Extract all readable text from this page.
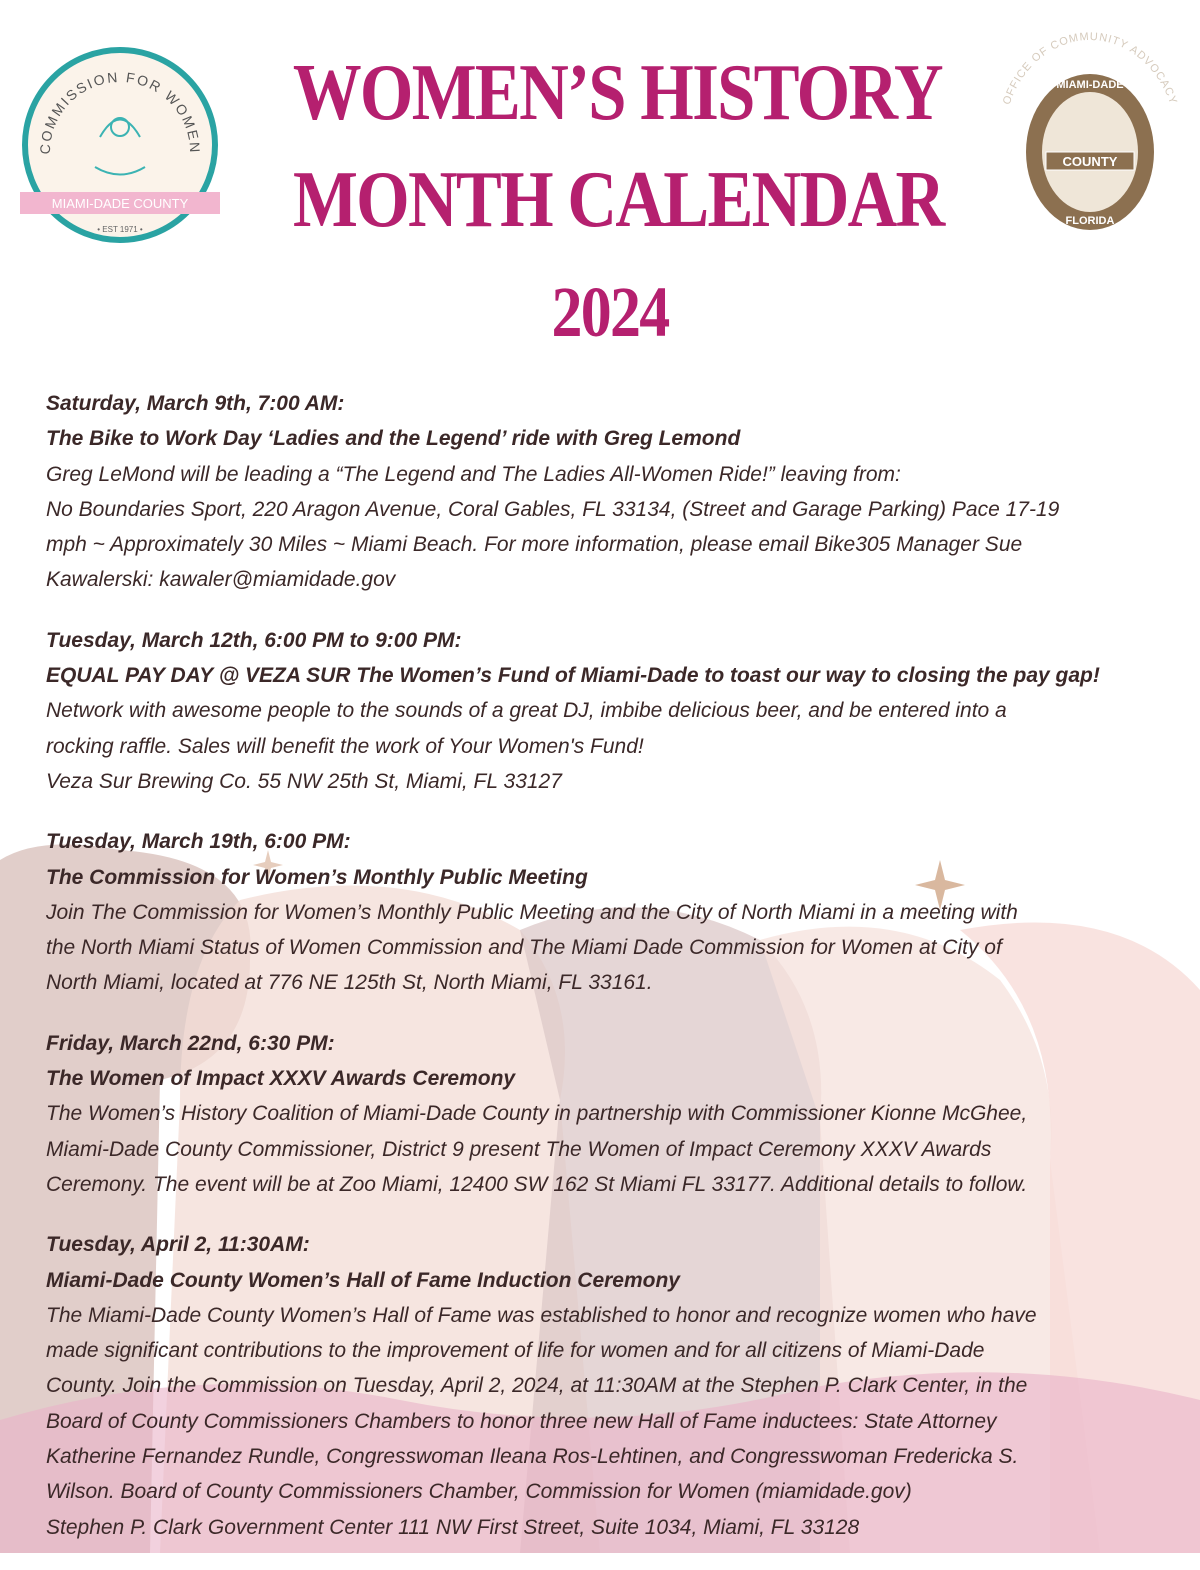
COMMISSION FOR WOMEN
MIAMI-DADE COUNTY
• EST 1971 •
OFFICE OF COMMUNITY ADVOCACY
MIAMI-DADE
COUNTY
FLORIDA
WOMEN’S HISTORY
MONTH CALENDAR
2024
Saturday, March 9th, 7:00 AM:
The Bike to Work Day ‘Ladies and the Legend’ ride with Greg Lemond
Greg LeMond will be leading a “The Legend and The Ladies All-Women Ride!” leaving from:
No Boundaries Sport, 220 Aragon Avenue, Coral Gables, FL 33134, (Street and Garage Parking) Pace 17-19
mph ~ Approximately 30 Miles ~ Miami Beach. For more information, please email Bike305 Manager Sue
Kawalerski: kawaler@miamidade.gov
Tuesday, March 12th, 6:00 PM to 9:00 PM:
EQUAL PAY DAY @ VEZA SUR The Women’s Fund of Miami-Dade to toast our way to closing the pay gap!
Network with awesome people to the sounds of a great DJ, imbibe delicious beer, and be entered into a
rocking raffle. Sales will benefit the work of Your Women's Fund!
Veza Sur Brewing Co. 55 NW 25th St, Miami, FL 33127
Tuesday, March 19th, 6:00 PM:
The Commission for Women’s Monthly Public Meeting
Join The Commission for Women’s Monthly Public Meeting and the City of North Miami in a meeting with
the North Miami Status of Women Commission and The Miami Dade Commission for Women at City of
North Miami, located at 776 NE 125th St, North Miami, FL 33161.
Friday, March 22nd, 6:30 PM:
The Women of Impact XXXV Awards Ceremony
The Women’s History Coalition of Miami-Dade County in partnership with Commissioner Kionne McGhee,
Miami-Dade County Commissioner, District 9 present The Women of Impact Ceremony XXXV Awards
Ceremony. The event will be at Zoo Miami, 12400 SW 162 St Miami FL 33177. Additional details to follow.
Tuesday, April 2, 11:30AM:
Miami-Dade County Women’s Hall of Fame Induction Ceremony
The Miami-Dade County Women’s Hall of Fame was established to honor and recognize women who have
made significant contributions to the improvement of life for women and for all citizens of Miami-Dade
County. Join the Commission on Tuesday, April 2, 2024, at 11:30AM at the Stephen P. Clark Center, in the
Board of County Commissioners Chambers to honor three new Hall of Fame inductees: State Attorney
Katherine Fernandez Rundle, Congresswoman Ileana Ros-Lehtinen, and Congresswoman Fredericka S.
Wilson. Board of County Commissioners Chamber, Commission for Women (miamidade.gov)
Stephen P. Clark Government Center 111 NW First Street, Suite 1034, Miami, FL 33128
